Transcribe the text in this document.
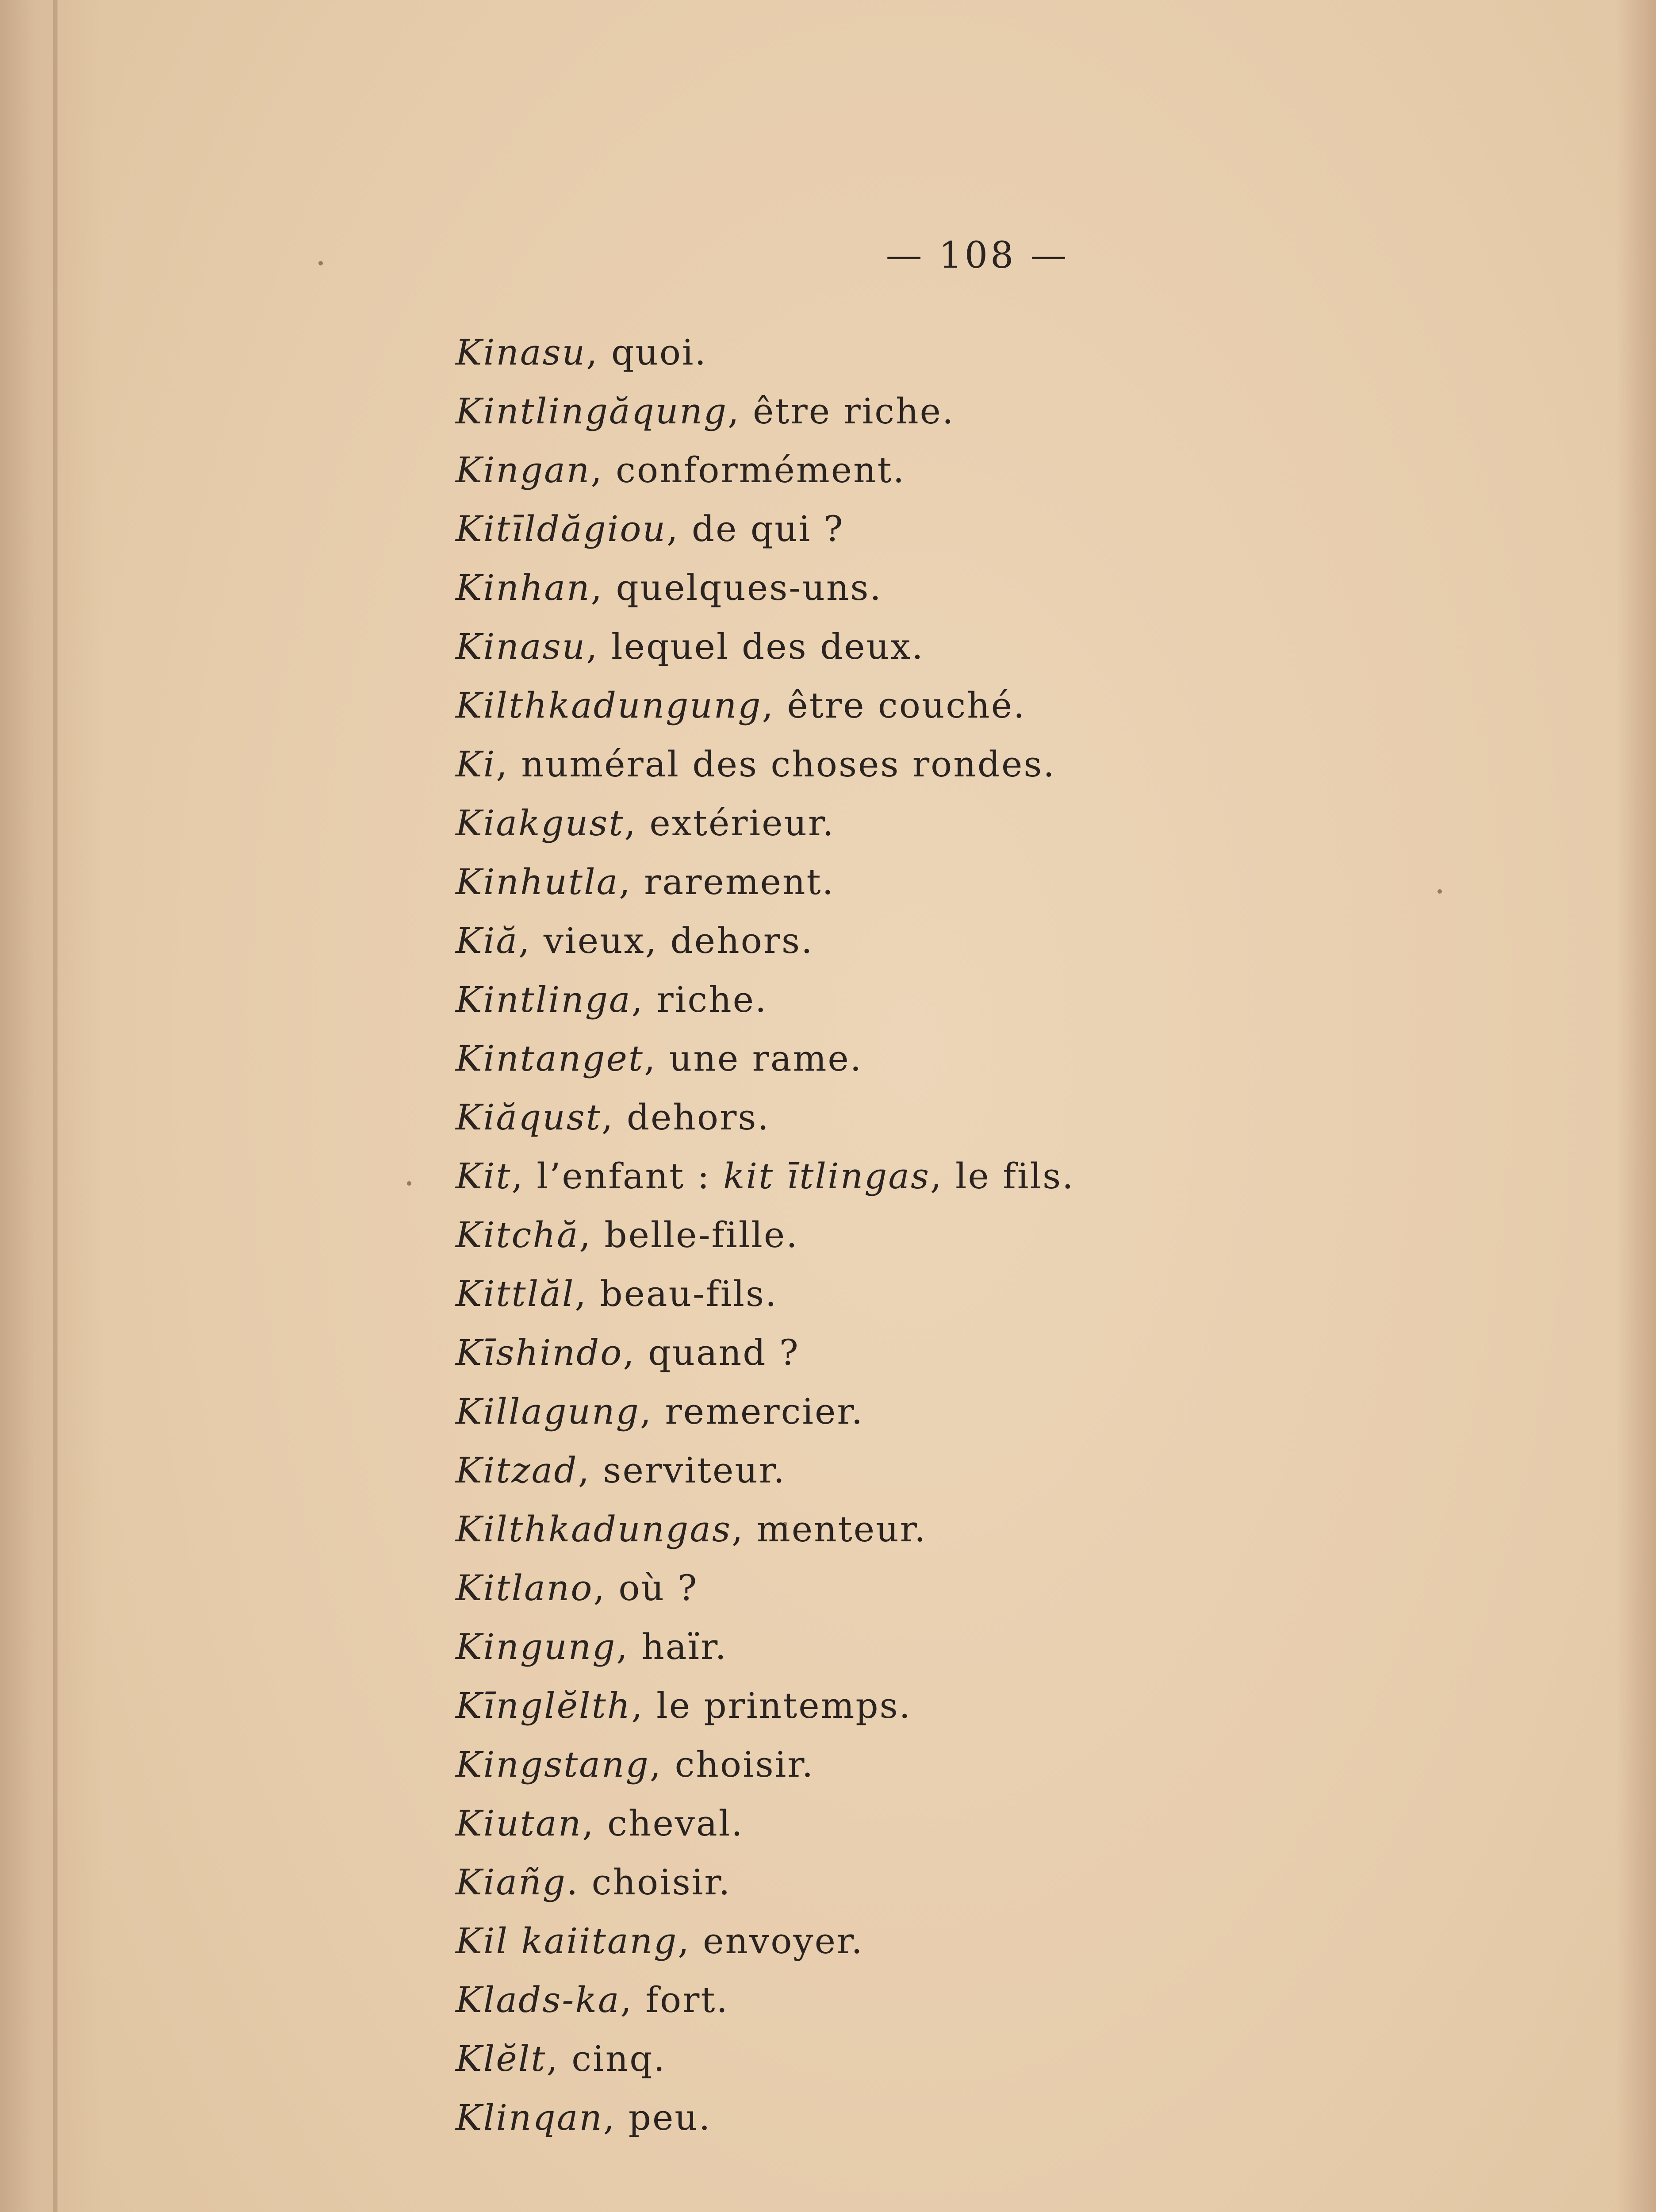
— 108 —

Kinasu, quoi.
Kintlingăqung, être riche.
Kingan, conformément.
Kitīldăgiou, de qui ?
Kinhan, quelques-uns.
Kinasu, lequel des deux.
Kilthkadungung, être couché.
Ki, numéral des choses rondes.
Kiakgust, extérieur.
Kinhutla, rarement.
Kiă, vieux, dehors.
Kintlinga, riche.
Kintanget, une rame.
Kiăqust, dehors.
Kit, l’enfant : kit ītlingas, le fils.
Kitchă, belle-fille.
Kittlăl, beau-fils.
Kīshindo, quand ?
Killagung, remercier.
Kitzad, serviteur.
Kilthkadungas, menteur.
Kitlano, où ?
Kingung, haïr.
Kīnglĕlth, le printemps.
Kingstang, choisir.
Kiutan, cheval.
Kiañg. choisir.
Kil kaiitang, envoyer.
Klads-ka, fort.
Klĕlt, cinq.
Klinqan, peu.
